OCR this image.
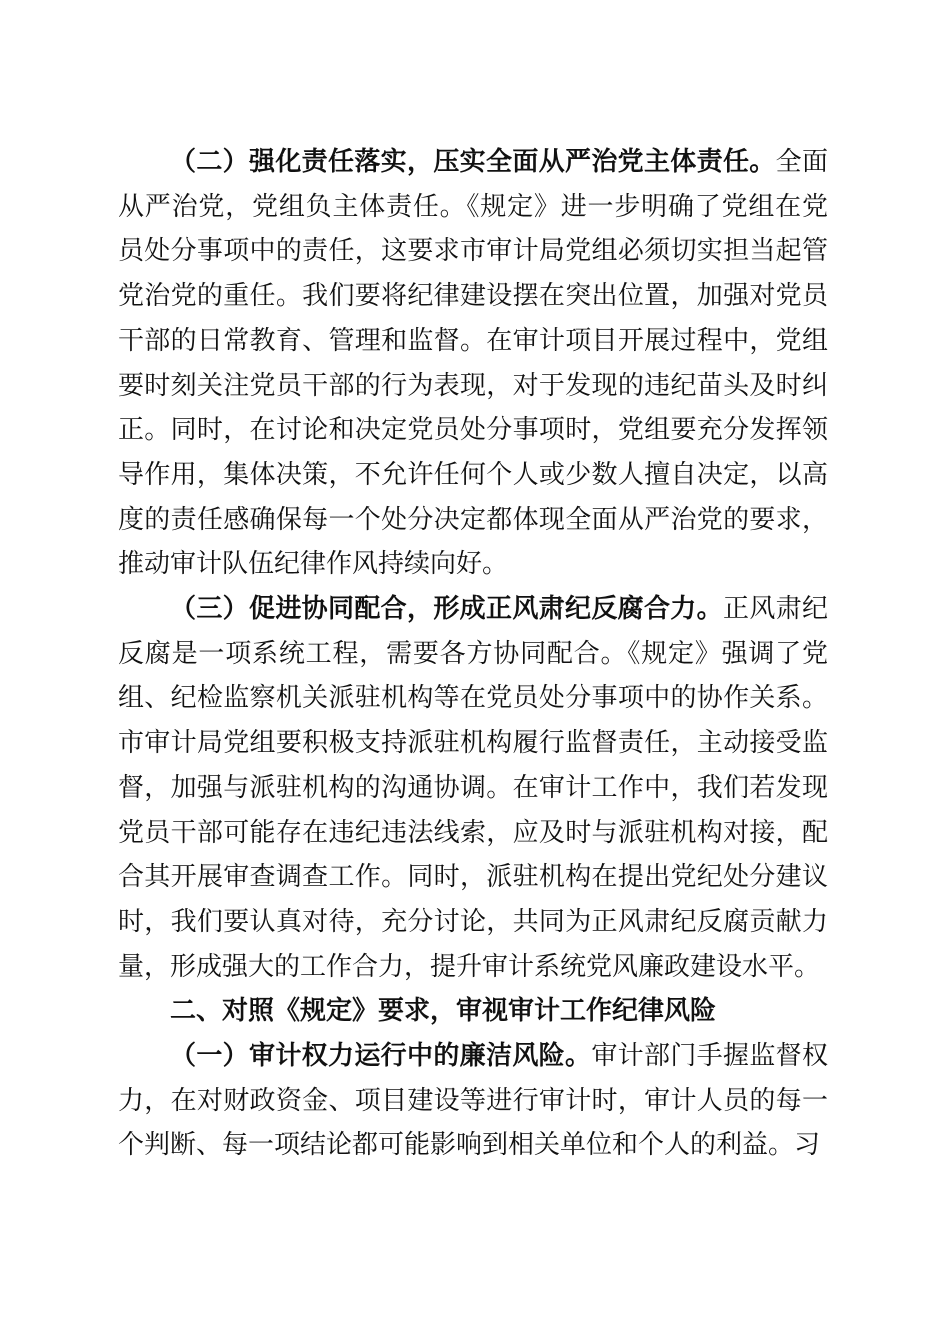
（二）强化责任落实，压实全面从严治党主体责任。全面从严治党，党组负主体责任。《规定》进一步明确了党组在党员处分事项中的责任，这要求市审计局党组必须切实担当起管党治党的重任。我们要将纪律建设摆在突出位置，加强对党员干部的日常教育、管理和监督。在审计项目开展过程中，党组要时刻关注党员干部的行为表现，对于发现的违纪苗头及时纠正。同时，在讨论和决定党员处分事项时，党组要充分发挥领导作用，集体决策，不允许任何个人或少数人擅自决定，以高度的责任感确保每一个处分决定都体现全面从严治党的要求，推动审计队伍纪律作风持续向好。

（三）促进协同配合，形成正风肃纪反腐合力。正风肃纪反腐是一项系统工程，需要各方协同配合。《规定》强调了党组、纪检监察机关派驻机构等在党员处分事项中的协作关系。市审计局党组要积极支持派驻机构履行监督责任，主动接受监督，加强与派驻机构的沟通协调。在审计工作中，我们若发现党员干部可能存在违纪违法线索，应及时与派驻机构对接，配合其开展审查调查工作。同时，派驻机构在提出党纪处分建议时，我们要认真对待，充分讨论，共同为正风肃纪反腐贡献力量，形成强大的工作合力，提升审计系统党风廉政建设水平。

二、对照《规定》要求，审视审计工作纪律风险

（一）审计权力运行中的廉洁风险。审计部门手握监督权力，在对财政资金、项目建设等进行审计时，审计人员的每一个判断、每一项结论都可能影响到相关单位和个人的利益。习
